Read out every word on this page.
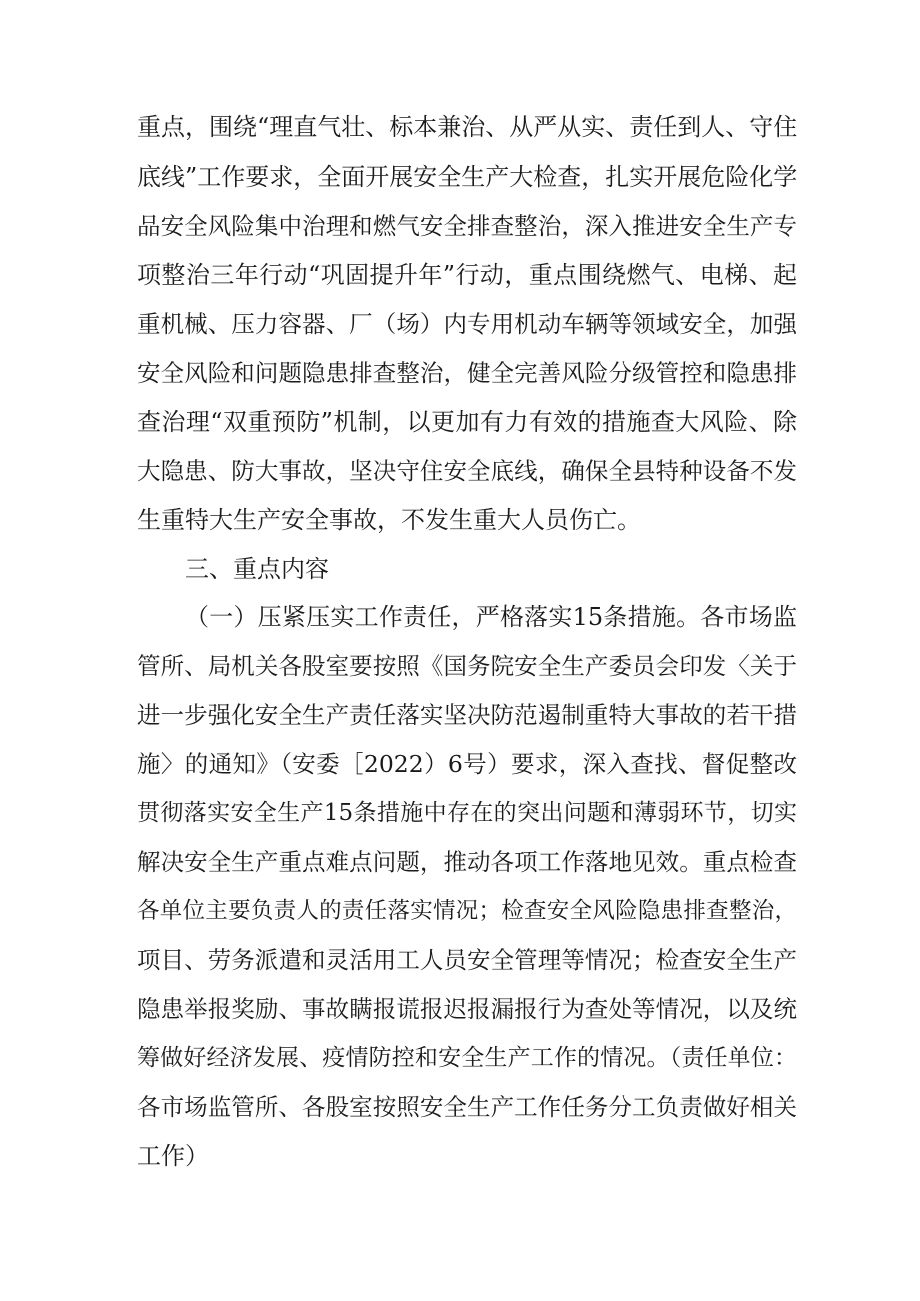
重点，围绕“理直气壮、标本兼治、从严从实、责任到人、守住
底线”工作要求，全面开展安全生产大检查，扎实开展危险化学
品安全风险集中治理和燃气安全排查整治，深入推进安全生产专
项整治三年行动“巩固提升年”行动，重点围绕燃气、电梯、起
重机械、压力容器、厂（场）内专用机动车辆等领域安全，加强
安全风险和问题隐患排查整治，健全完善风险分级管控和隐患排
查治理“双重预防”机制，以更加有力有效的措施查大风险、除
大隐患、防大事故，坚决守住安全底线，确保全县特种设备不发
生重特大生产安全事故，不发生重大人员伤亡。
三、重点内容
（一）压紧压实工作责任，严格落实15条措施。各市场监
管所、局机关各股室要按照《国务院安全生产委员会印发〈关于
进一步强化安全生产责任落实坚决防范遏制重特大事故的若干措
施〉的通知》（安委［2022）6号）要求，深入查找、督促整改
贯彻落实安全生产15条措施中存在的突出问题和薄弱环节，切实
解决安全生产重点难点问题，推动各项工作落地见效。重点检查
各单位主要负责人的责任落实情况；检查安全风险隐患排查整治，
项目、劳务派遣和灵活用工人员安全管理等情况；检查安全生产
隐患举报奖励、事故瞒报谎报迟报漏报行为查处等情况，以及统
筹做好经济发展、疫情防控和安全生产工作的情况。（责任单位：
各市场监管所、各股室按照安全生产工作任务分工负责做好相关
工作）
